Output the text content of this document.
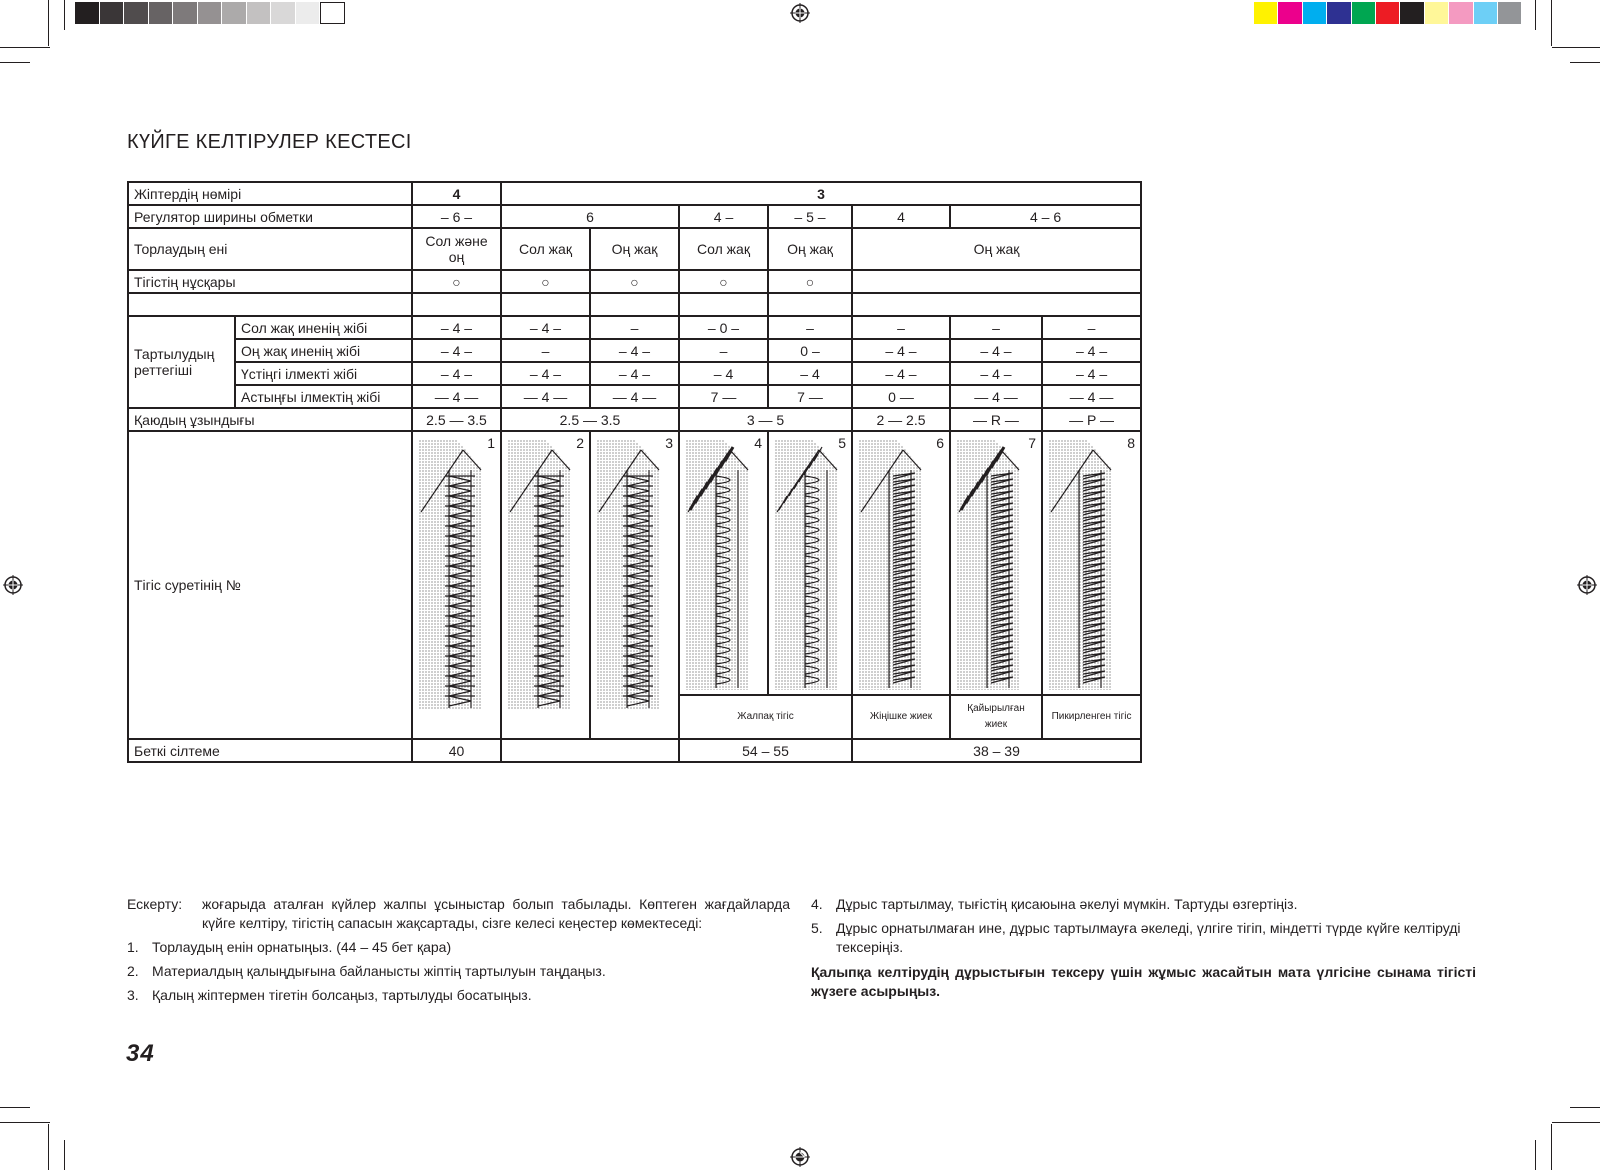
КҮЙГЕ КЕЛТІРУЛЕР КЕСТЕСІ
Жіптердің нөмірі		4	3						
Регулятор ширины обметки		– 6 –	6		4 –	– 5 –	4	4 – 6	
Торлаудың ені		Сол және оң	Сол жақ	Оң жақ	Сол жақ	Оң жақ	Оң жақ		
Тігістің нұсқары		○	○	○	○	○			

Тартылудың реттегіші	Сол жақ иненің жібі	– 4 –	– 4 –	–	– 0 –	–	–	–	–
	Оң жақ иненің жібі	– 4 –	–	– 4 –	–	0 –	– 4 –	– 4 –	– 4 –
	Үстіңгі ілмекті жібі	– 4 –	– 4 –	– 4 –	– 4	– 4	– 4 –	– 4 –	– 4 –
	Астыңғы ілмектің жібі	— 4 —	— 4 —	— 4 —	7 —	7 —	0 —	— 4 —	— 4 —
Қаюдың ұзындығы		2.5 — 3.5	2.5 — 3.5		3 — 5		2 — 2.5	— R —	— P —
Тігіс суретінің №		1	2	3	4	5	6	7	8

					Жалпақ тігіс		Жіңішке жиек	Қайырылған жиек	Пикирленген тігіс
Беткі сілтеме		40			54 – 55		38 – 39		
Ескерту:	жоғарыда аталған күйлер жалпы ұсыныстар болып табылады. Көптеген жағдайларда күйге келтіру, тігістің сапасын жақсартады, сізге келесі кеңестер көмектеседі:
1. Торлаудың енін орнатыңыз. (44 – 45 бет қара)
2. Материалдың қалыңдығына байланысты жіптің тартылуын таңдаңыз.
3. Қалың жіптермен тігетін болсаңыз, тартылуды босатыңыз.
4. Дұрыс тартылмау, тығістің қисаюына әкелуі мүмкін. Тартуды өзгертіңіз.
5. Дұрыс орнатылмаған ине, дұрыс тартылмауға әкеледі, үлгіге тігіп, міндетті түрде күйге келтіруді тексеріңіз.
Қалыпқа келтірудің дұрыстығын тексеру үшін жұмыс жасайтын мата үлгісіне сынама тігісті жүзеге асырыңыз.
34
